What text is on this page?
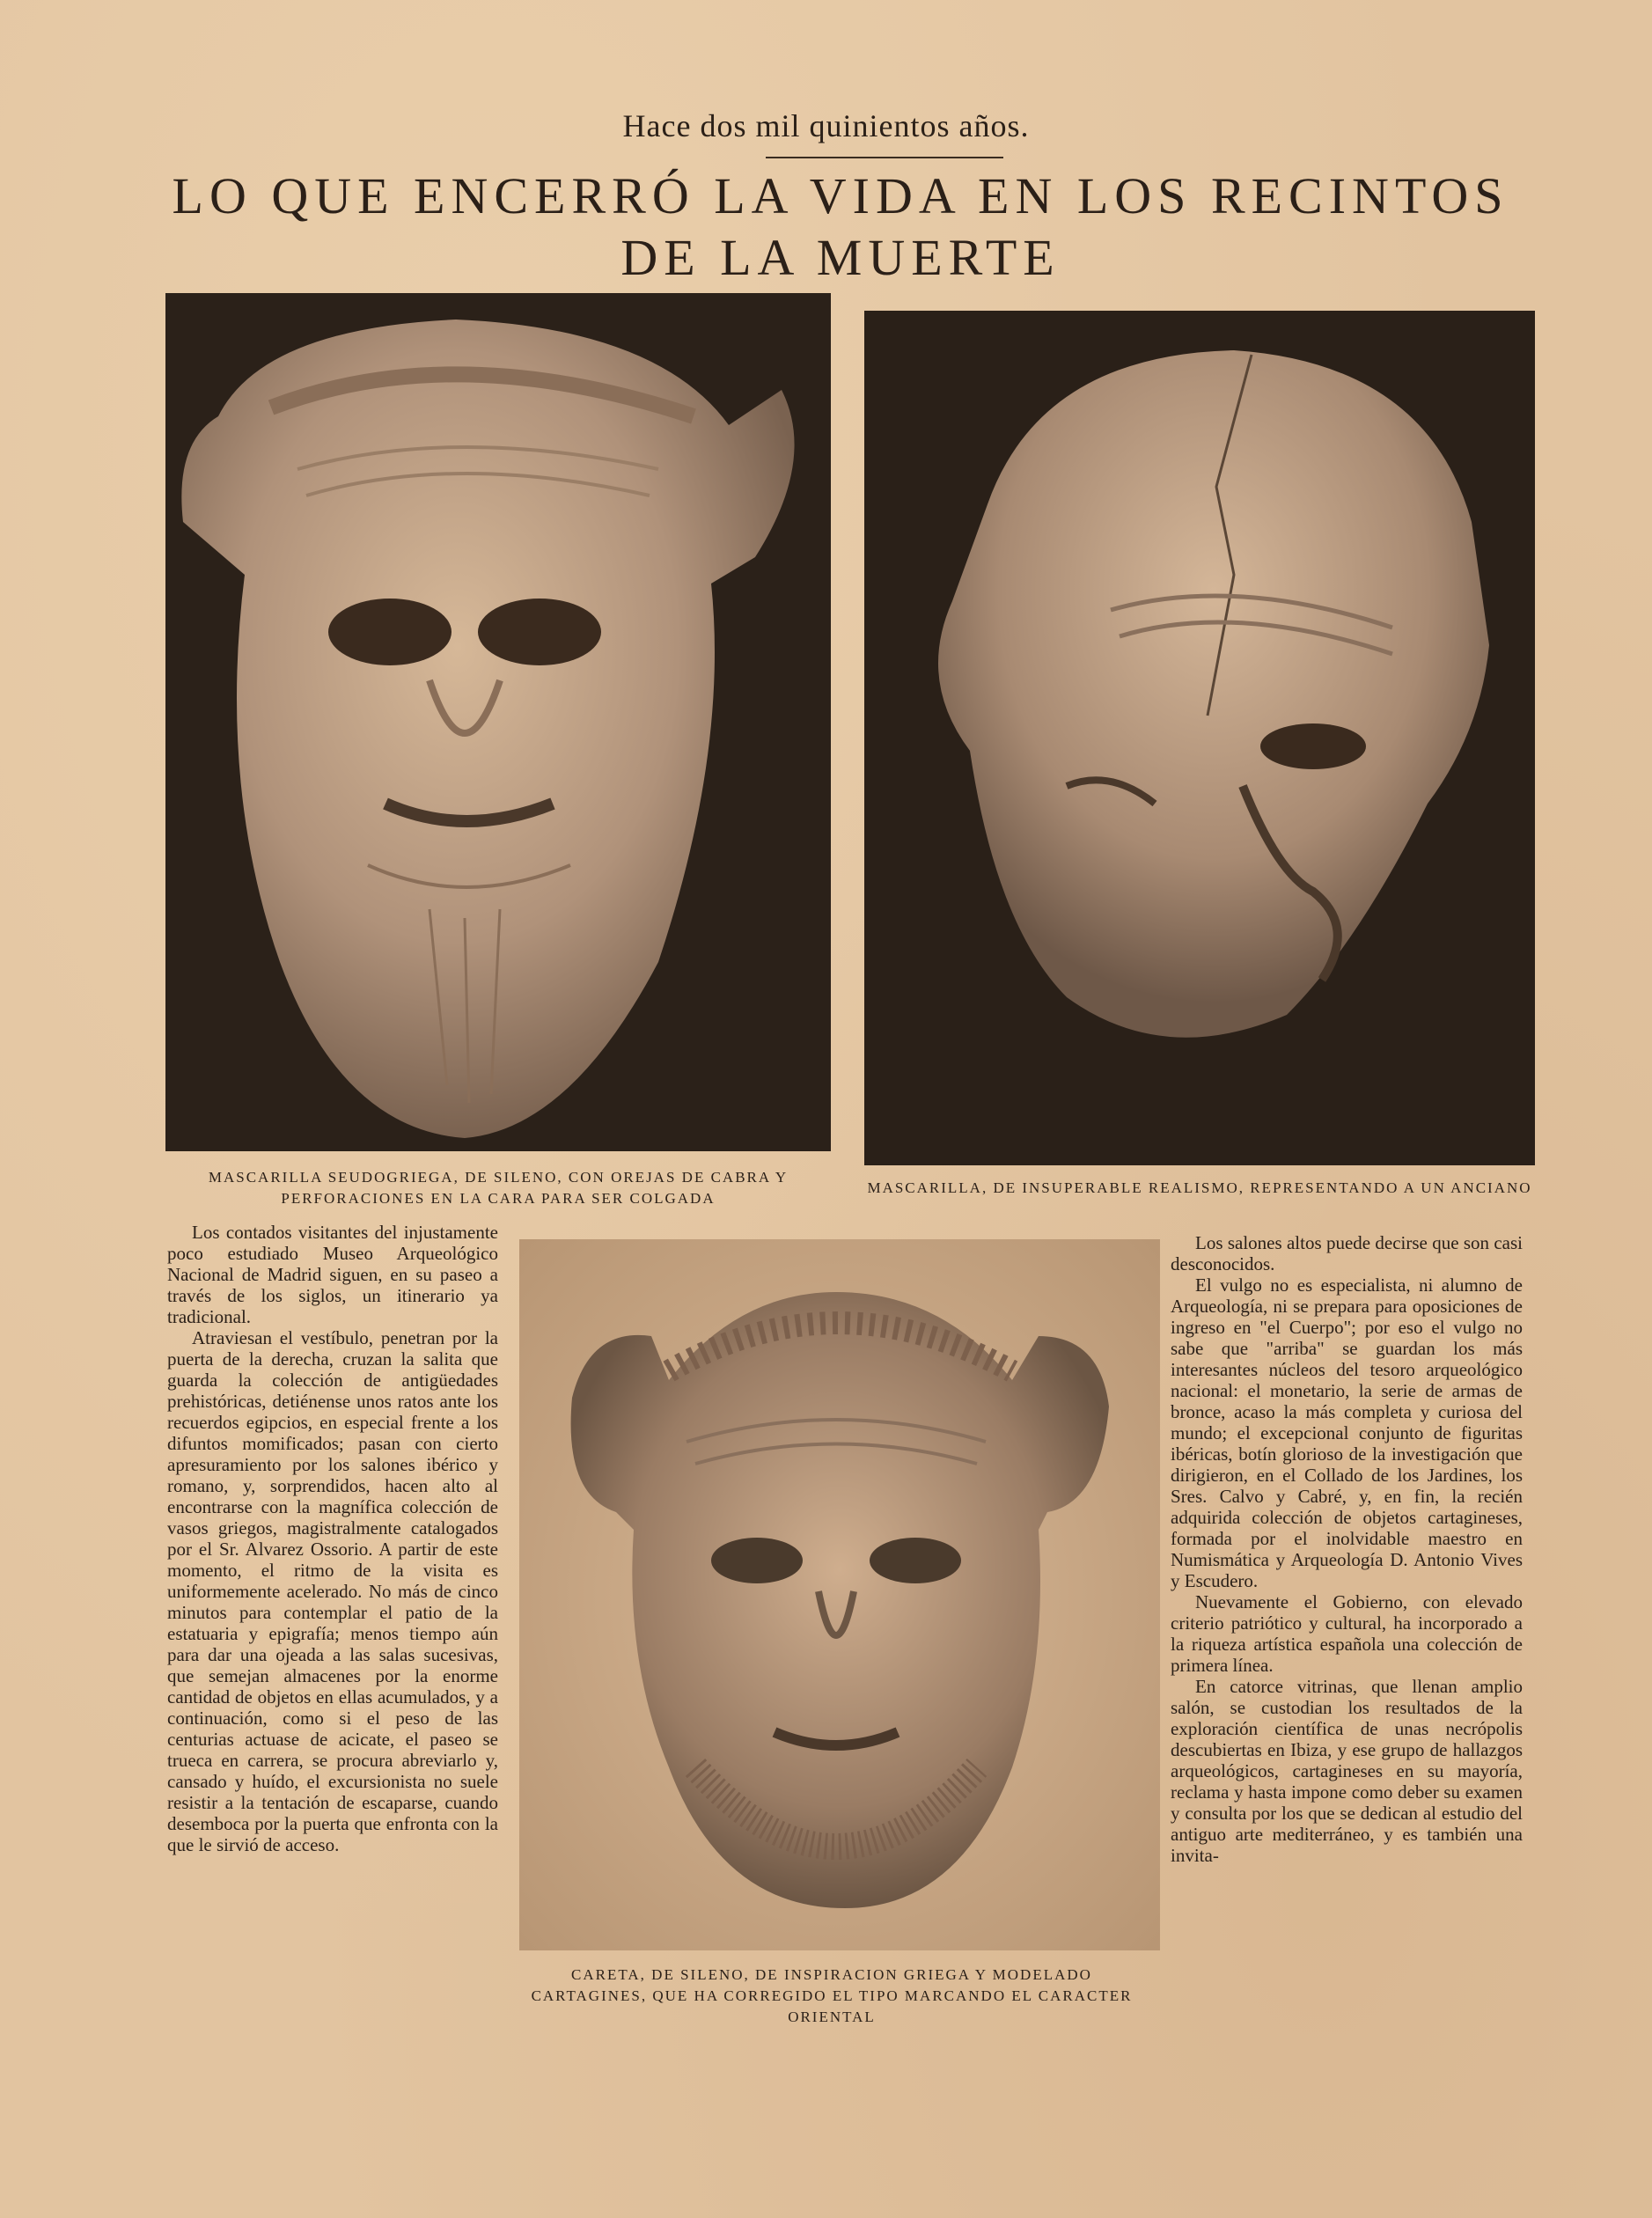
Hace dos mil quinientos años.
LO QUE ENCERRÓ LA VIDA EN LOS RECINTOS
DE LA MUERTE
MASCARILLA SEUDOGRIEGA, DE SILENO, CON OREJAS DE CABRA Y PERFORACIONES EN LA CARA PARA SER COLGADA
MASCARILLA, DE INSUPERABLE REALISMO, REPRESENTANDO A UN ANCIANO
CARETA, DE SILENO, DE INSPIRACION GRIEGA Y MODELADO CARTAGINES, QUE HA CORREGIDO EL TIPO MARCANDO EL CARACTER ORIENTAL

Los contados visitantes del injustamente poco estudiado Museo Arqueológico Nacional de Madrid siguen, en su paseo a través de los siglos, un itinerario ya tradicional.

Atraviesan el vestíbulo, penetran por la puerta de la derecha, cruzan la salita que guarda la colección de antigüedades prehistóricas, detiénense unos ratos ante los recuerdos egipcios, en especial frente a los difuntos momificados; pasan con cierto apresuramiento por los salones ibérico y romano, y, sorprendidos, hacen alto al encontrarse con la magnífica colección de vasos griegos, magistralmente catalogados por el Sr. Alvarez Ossorio. A partir de este momento, el ritmo de la visita es uniformemente acelerado. No más de cinco minutos para contemplar el patio de la estatuaria y epigrafía; menos tiempo aún para dar una ojeada a las salas sucesivas, que semejan almacenes por la enorme cantidad de objetos en ellas acumulados, y a continuación, como si el peso de las centurias actuase de acicate, el paseo se trueca en carrera, se procura abreviarlo y, cansado y huído, el excursionista no suele resistir a la tentación de escaparse, cuando desemboca por la puerta que enfronta con la que le sirvió de acceso.

Los salones altos puede decirse que son casi desconocidos.

El vulgo no es especialista, ni alumno de Arqueología, ni se prepara para oposiciones de ingreso en "el Cuerpo"; por eso el vulgo no sabe que "arriba" se guardan los más interesantes núcleos del tesoro arqueológico nacional: el monetario, la serie de armas de bronce, acaso la más completa y curiosa del mundo; el excepcional conjunto de figuritas ibéricas, botín glorioso de la investigación que dirigieron, en el Collado de los Jardines, los Sres. Calvo y Cabré, y, en fin, la recién adquirida colección de objetos cartagineses, formada por el inolvidable maestro en Numismática y Arqueología D. Antonio Vives y Escudero.

Nuevamente el Gobierno, con elevado criterio patriótico y cultural, ha incorporado a la riqueza artística española una colección de primera línea.

En catorce vitrinas, que llenan amplio salón, se custodian los resultados de la exploración científica de unas necrópolis descubiertas en Ibiza, y ese grupo de hallazgos arqueológicos, cartagineses en su mayoría, reclama y hasta impone como deber su examen y consulta por los que se dedican al estudio del antiguo arte mediterráneo, y es también una invita-
